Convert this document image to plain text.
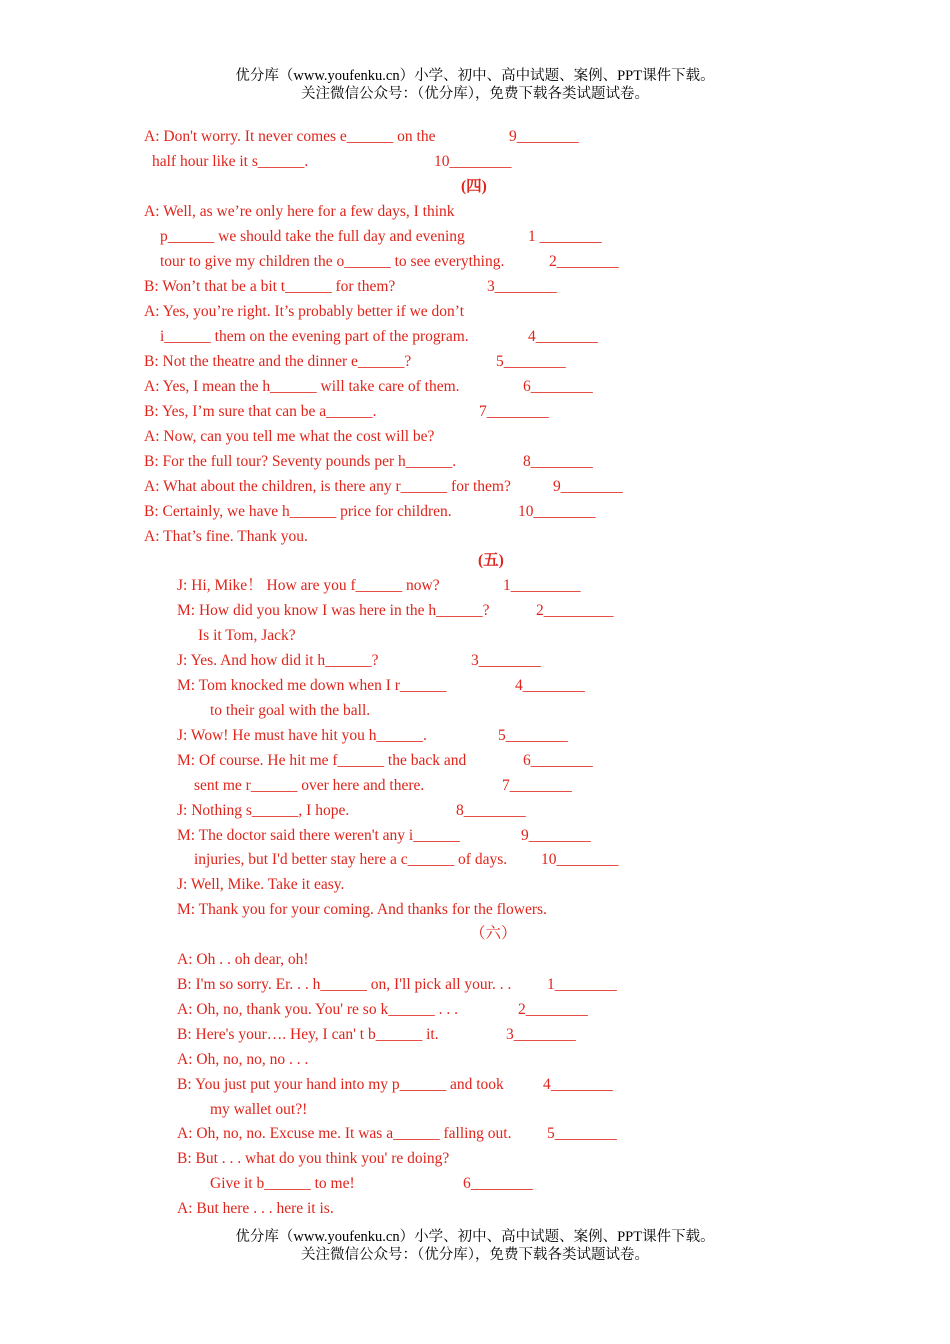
优分库（www.youfenku.cn）小学、初中、高中试题、案例、PPT课件下载。
关注微信公众号：（优分库），免费下载各类试题试卷。
A: Don't worry. It never comes e______ on the	9________
half hour like it s______.	10________
(四)
A: Well, as we’re only here for a few days, I think
p______ we should take the full day and evening	1 ________
tour to give my children the o______ to see everything.	2________
B: Won’t that be a bit t______ for them?	3________
A: Yes, you’re right. It’s probably better if we don’t
i______ them on the evening part of the program.	4________
B: Not the theatre and the dinner e______?	5________
A: Yes, I mean the h______ will take care of them.	6________
B: Yes, I’m sure that can be a______.	7________
A: Now, can you tell me what the cost will be?
B: For the full tour? Seventy pounds per h______.	8________
A: What about the children, is there any r______ for them?	9________
B: Certainly, we have h______ price for children.	10________
A: That’s fine. Thank you.
(五)
J: Hi, Mike！ How are you f______ now?	1_________
M: How did you know I was here in the h______?	2_________
Is it Tom, Jack?
J: Yes. And how did it h______?	3________
M: Tom knocked me down when I r______	4________
to their goal with the ball.
J: Wow! He must have hit you h______.	5________
M: Of course. He hit me f______ the back and	6________
sent me r______ over here and there.	7________
J: Nothing s______, I hope.	8________
M: The doctor said there weren't any i______	9________
injuries, but I'd better stay here a c______ of days. 10________
J: Well, Mike. Take it easy.
M: Thank you for your coming. And thanks for the flowers.
（六）
A: Oh . . oh dear, oh!
B: I'm so sorry. Er. . . h______ on, I'll pick all your. . . 1________
A: Oh, no, thank you. You' re so k______ . . .	2________
B: Here's your…. Hey, I can' t b______ it.	3________
A: Oh, no, no, no . . .
B: You just put your hand into my p______ and took	4________
my wallet out?!
A: Oh, no, no. Excuse me. It was a______ falling out. 5________
B: But . . . what do you think you' re doing?
Give it b______ to me!	6________
A: But here . . . here it is.
优分库（www.youfenku.cn）小学、初中、高中试题、案例、PPT课件下载。
关注微信公众号：（优分库），免费下载各类试题试卷。
